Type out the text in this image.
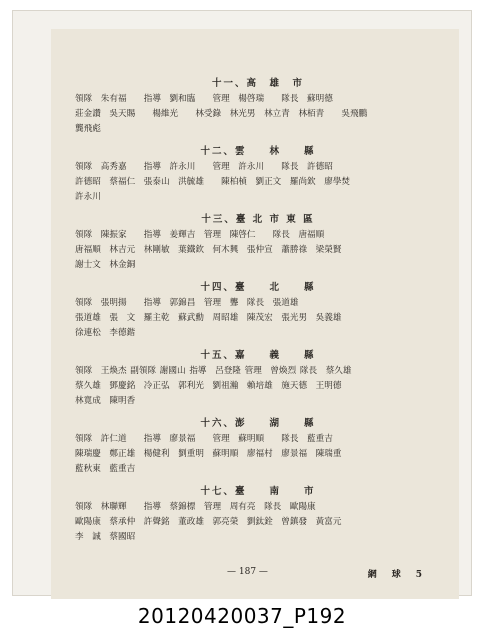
十一、高　雄　市
領隊　朱有福　　指導　劉和臨　　管理　楊啓瑞　　隊長　蘇明德
莊金讚　吳天賜　　楊維光　　林受錄　林光男　林立青　林栢青　　吳飛鵬
龔飛彪
十二、雲　　林　　縣
領隊　高秀嘉　　指導　許永川　　管理　許永川　　隊長　許德昭
許德昭　蔡福仁　張泰山　洪毓雄　　陳柏楨　劉正文　羅尚欽　廖學焚
許永川
十三、臺 北 市 東 區
領隊　陳振家　　指導　姜輝吉　管理　陳啓仁　　隊長　唐福順
唐福順　林吉元　林剛敏　葉鐵欽　何木興　張仲宣　蕭勝祿　梁榮賢
謝士文　林金銅
十四、臺　　北　　縣
領隊　張明揚　　指導　郭錦昌　管理　聾　隊長　張道雄
張道雄　張　文　羅主乾　蘇武勳　周昭雄　陳茂宏　張光男　吳義雄
徐連松　李德鍇
十五、嘉　　義　　縣
領隊　王煥杰 副領隊 謝國山 指導　呂登隆 管理　曾煥烈 隊長　蔡久雄
蔡久雄　鄧慶銘　冷正弘　郭利光　劉祖瀚　賴培雄　施天德　王明德
林寬成　陳明香
十六、澎　　湖　　縣
領隊　許仁道　　指導　廖景福　　管理　蘇明順　　隊長　藍重吉
陳瑞慶　鄭正雄　楊健利　劉重明　蘇明順　廖福村　廖景福　陳瑞重
藍秋東　藍重吉
十七、臺　　南　　市
領隊　林聯輝　　指導　蔡錦標　管理　周有亮　隊長　歐陽康
歐陽康　蔡承仲　許聲銘　董政雄　郭亮榮　劉鈦銓　曾鎮發　黃富元
李　誠　蔡國昭
— 187 —	網　球　5
20120420037_P192
